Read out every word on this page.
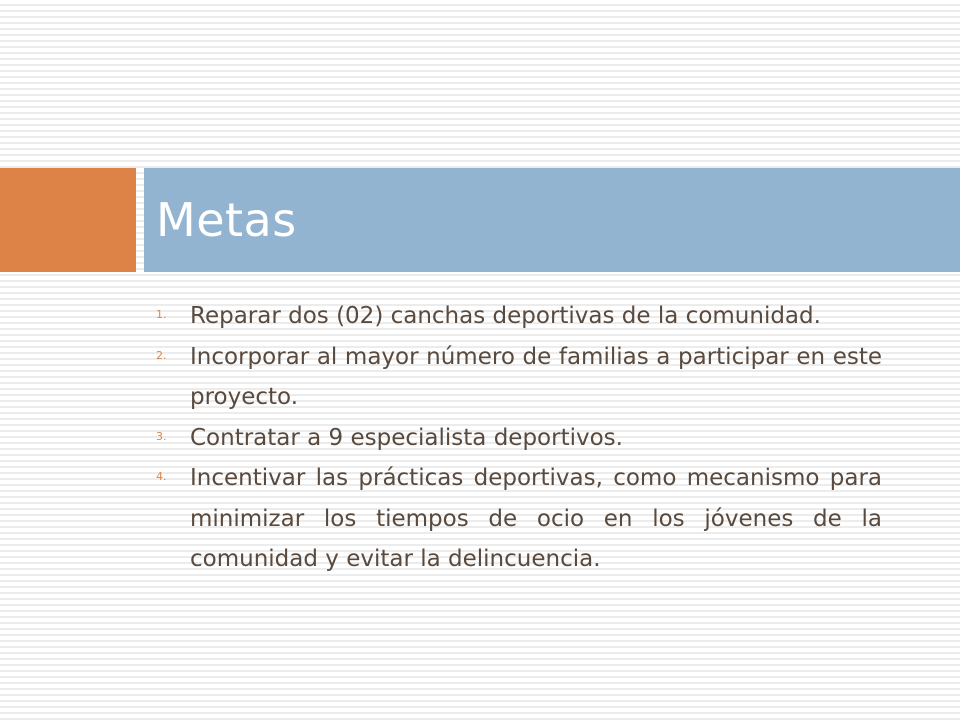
Metas
1. Reparar dos (02) canchas deportivas de la comunidad.
2. Incorporar al mayor número de familias a participar en este proyecto.
3. Contratar a 9 especialista deportivos.
4. Incentivar las prácticas deportivas, como mecanismo para minimizar los tiempos de ocio en los jóvenes de la comunidad y evitar la delincuencia.
